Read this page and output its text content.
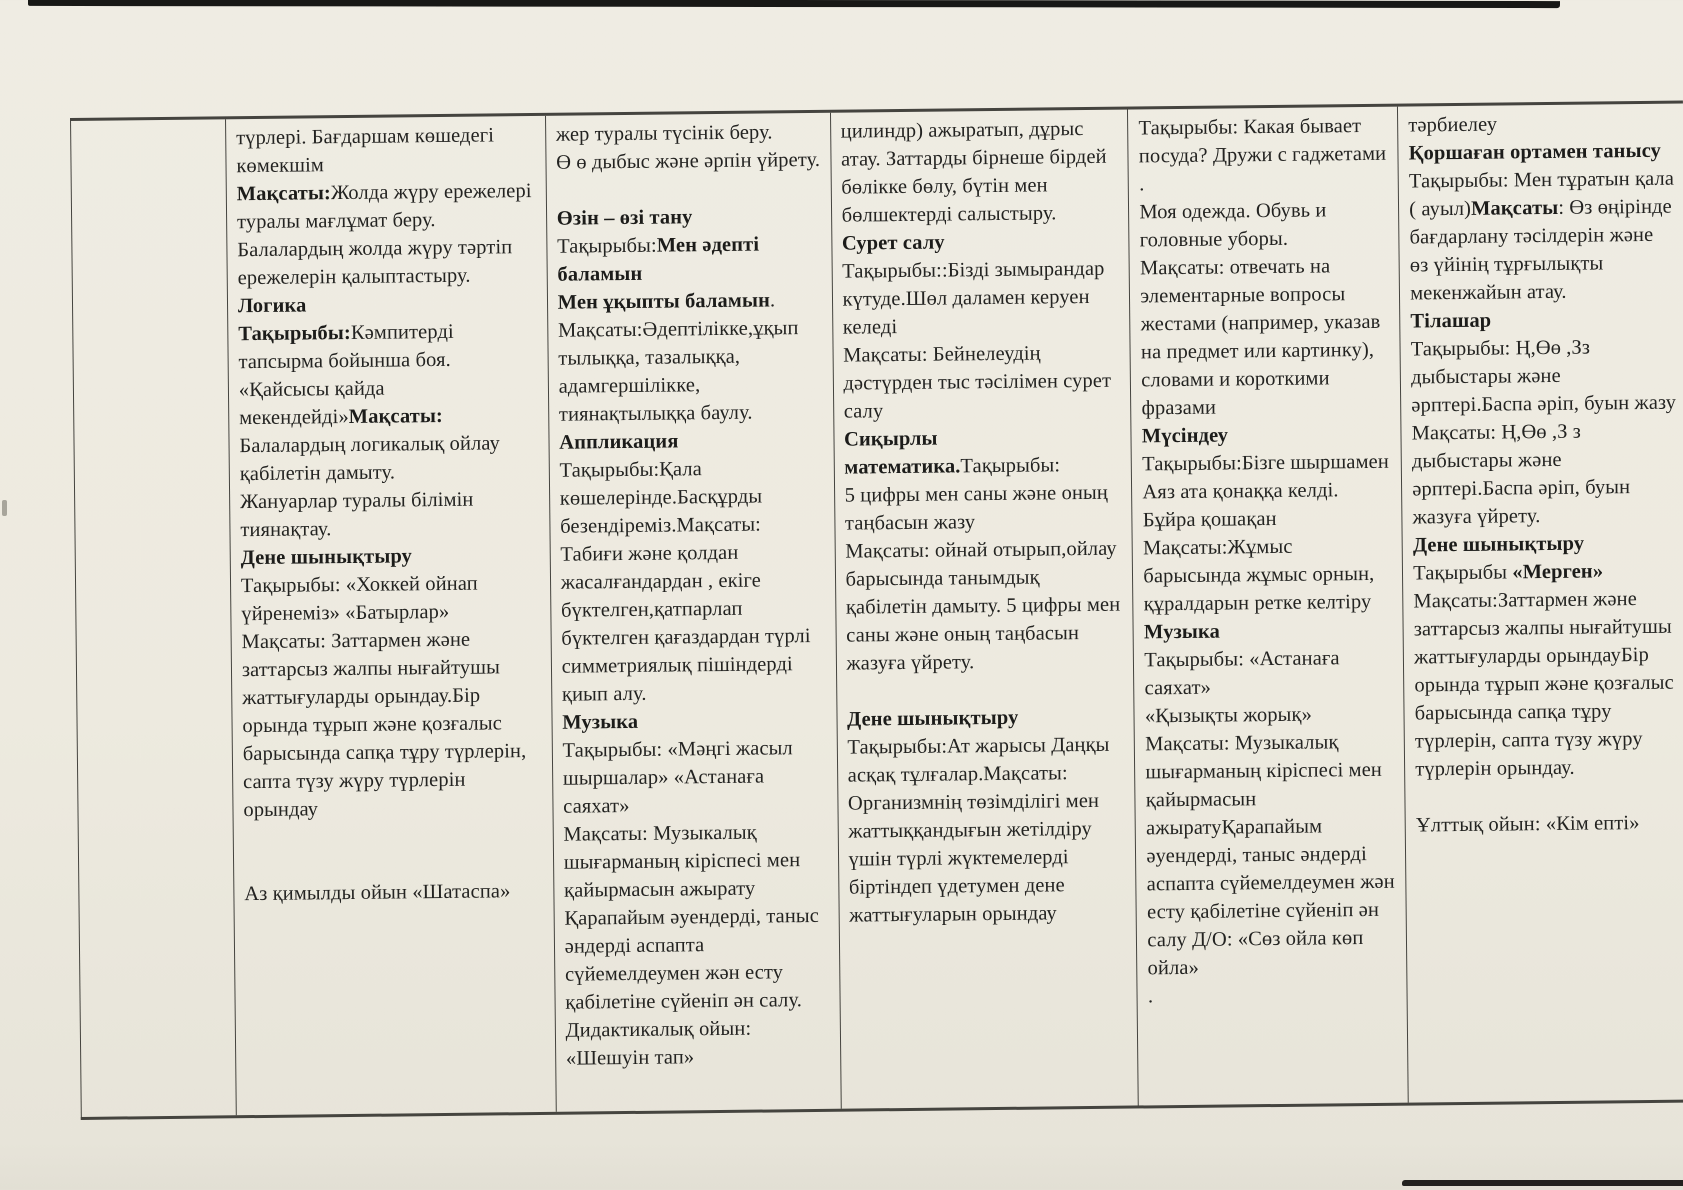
түрлері. Бағдаршам көшедегі көмекшім

Мақсаты:Жолда жүру ережелері туралы мағлұмат беру. Балалардың жолда жүру тәртіп ережелерін қалыптастыру.

Логика

Тақырыбы:Кәмпитерді тапсырма бойынша боя. «Қайсысы қайда мекендейді»Мақсаты: Балалардың логикалық ойлау қабілетін дамыту.

Жануарлар туралы білімін тиянақтау.

Дене шынықтыру

Тақырыбы: «Хоккей ойнап үйренеміз» «Батырлар»

Мақсаты: Заттармен және заттарсыз жалпы нығайтушы жаттығуларды орындау.Бір орында тұрып және қозғалыс барысында сапқа тұру түрлерін, сапта түзу жүру түрлерін орындау

Аз қимылды ойын «Шатаспа»

жер туралы түсінік беру.

Ө ө дыбыс және әрпін үйрету.

Өзін – өзі тану

Тақырыбы:Мен әдепті баламын

Мен ұқыпты баламын.

Мақсаты:Әдептілікке,ұқып тылыққа, тазалыққа, адамгершілікке, тиянақтылыққа баулу.

Аппликация

Тақырыбы:Қала көшелерінде.Басқұрды безендіреміз.Мақсаты: Табиғи және қолдан жасалғандардан , екіге бүктелген,қатпарлап бүктелген қағаздардан түрлі симметриялық пішіндерді қиып алу.

Музыка

Тақырыбы: «Мәңгі жасыл шыршалар» «Астанаға саяхат»

Мақсаты: Музыкалық шығарманың кіріспесі мен қайырмасын ажырату Қарапайым әуендерді, таныс әндерді аспапта сүйемелдеумен жән есту қабілетіне сүйеніп ән салу.

Дидактикалық ойын: «Шешуін тап»

цилиндр) ажыратып, дұрыс атау. Заттарды бірнеше бірдей бөлікке бөлу, бүтін мен бөлшектерді салыстыру.

Сурет салу

Тақырыбы::Бізді зымырандар күтуде.Шөл даламен керуен келеді

Мақсаты: Бейнелеудің дәстүрден тыс тәсілімен сурет салу

Сиқырлы математика.Тақырыбы:

5 цифры мен саны және оның таңбасын жазу

Мақсаты: ойнай отырып,ойлау барысында танымдық қабілетін дамыту. 5 цифры мен саны және оның таңбасын жазуға үйрету.

Дене шынықтыру

Тақырыбы:Ат жарысы Даңқы асқақ тұлғалар.Мақсаты: Организмнің төзімділігі мен жаттыққандығын жетілдіру үшін түрлі жүктемелерді біртіндеп үдетумен дене жаттығуларын орындау

Тақырыбы: Какая бывает посуда? Дружи с гаджетами .

Моя одежда. Обувь и головные уборы.

Мақсаты: отвечать на элементарные вопросы жестами (например, указав на предмет или картинку), словами и короткими фразами

Мүсіндеу

Тақырыбы:Бізге шыршамен Аяз ата қонаққа келді. Бұйра қошақан

Мақсаты:Жұмыс барысында жұмыс орнын, құралдарын ретке келтіру

Музыка

Тақырыбы: «Астанаға саяхат»

«Қызықты жорық»

Мақсаты: Музыкалық шығарманың кіріспесі мен қайырмасын ажыратуҚарапайым әуендерді, таныс әндерді аспапта сүйемелдеумен жән есту қабілетіне сүйеніп ән салу Д/О: «Сөз ойла көп ойла»

.

тәрбиелеу

Қоршаған ортамен танысу

Тақырыбы: Мен тұратын қала ( ауыл)Мақсаты: Өз өңірінде бағдарлану тәсілдерін және өз үйінің тұрғылықты мекенжайын атау.

Тілашар

Тақырыбы: Ң,Өө ,Зз дыбыстары және әрптері.Баспа әріп, буын жазу

Мақсаты: Ң,Өө ,З з дыбыстары және әрптері.Баспа әріп, буын жазуға үйрету.

Дене шынықтыру

Тақырыбы «Мерген»

Мақсаты:Заттармен және заттарсыз жалпы нығайтушы жаттығуларды орындауБір орында тұрып және қозғалыс барысында сапқа тұру түрлерін, сапта түзу жүру түрлерін орындау.

Ұлттық ойын: «Кім епті»
